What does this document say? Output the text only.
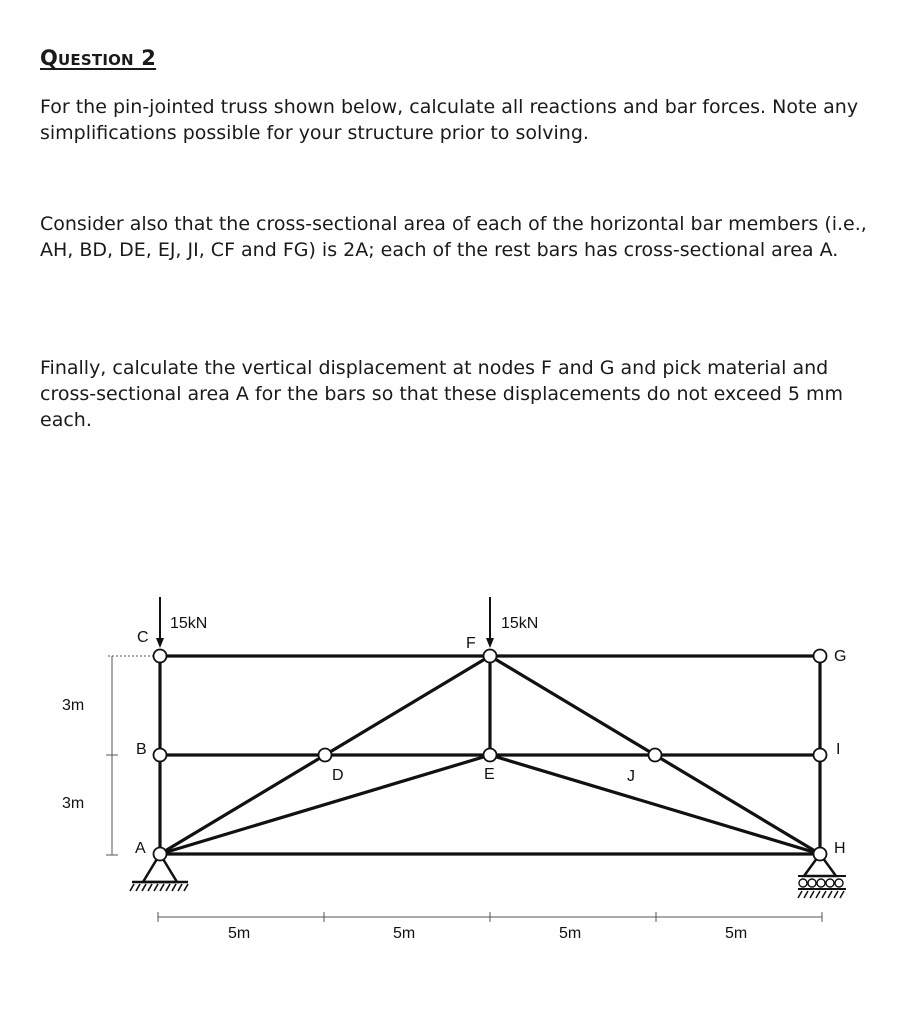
Question 2
For the pin-jointed truss shown below, calculate all reactions and bar forces. Note any simplifications possible for your structure prior to solving.
Consider also that the cross-sectional area of each of the horizontal bar members (i.e., AH, BD, DE, EJ, JI, CF and FG) is 2A; each of the rest bars has cross-sectional area A.
Finally, calculate the vertical displacement at nodes F and G and pick material and cross-sectional area A for the bars so that these displacements do not exceed 5 mm each.
3m
3m
5m	5m	5m	5m
15kN	15kN
C	F
G
B
D	E	J
I
A	H
